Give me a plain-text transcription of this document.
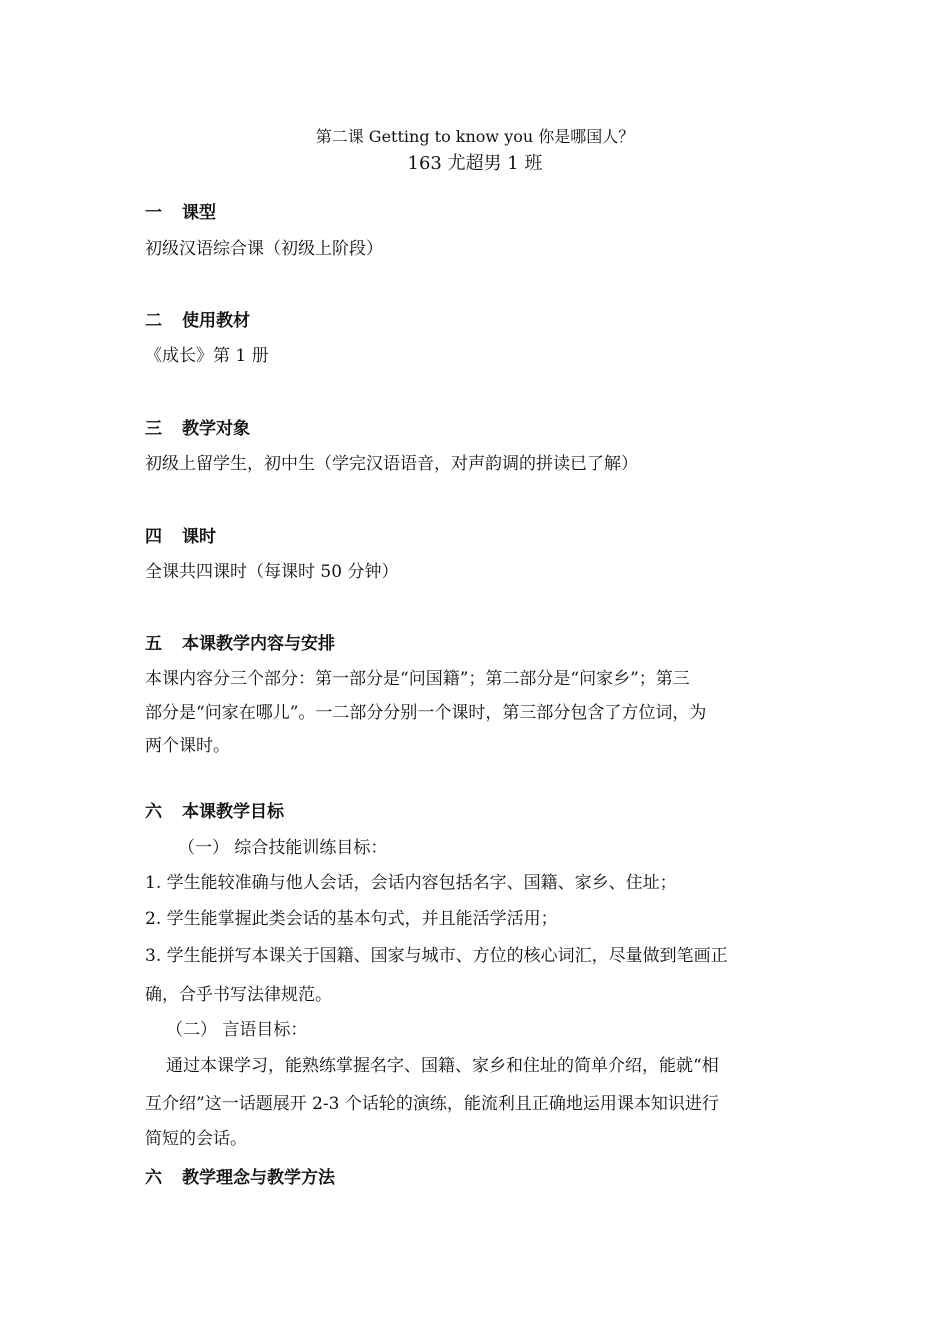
第二课 Getting to know you 你是哪国人？
163 尤超男 1 班
一 课型
初级汉语综合课（初级上阶段）
二 使用教材
《成长》第 1 册
三 教学对象
初级上留学生，初中生（学完汉语语音，对声韵调的拼读已了解）
四 课时
全课共四课时（每课时 50 分钟）
五 本课教学内容与安排
本课内容分三个部分：第一部分是“问国籍”；第二部分是“问家乡”；第三
部分是“问家在哪儿”。一二部分分别一个课时，第三部分包含了方位词，为
两个课时。
六 本课教学目标
（一） 综合技能训练目标：
1. 学生能较准确与他人会话，会话内容包括名字、国籍、家乡、住址；
2. 学生能掌握此类会话的基本句式，并且能活学活用；
3. 学生能拼写本课关于国籍、国家与城市、方位的核心词汇，尽量做到笔画正
确，合乎书写法律规范。
（二） 言语目标：
通过本课学习，能熟练掌握名字、国籍、家乡和住址的简单介绍，能就“相
互介绍”这一话题展开 2-3 个话轮的演练，能流利且正确地运用课本知识进行
简短的会话。
六 教学理念与教学方法
